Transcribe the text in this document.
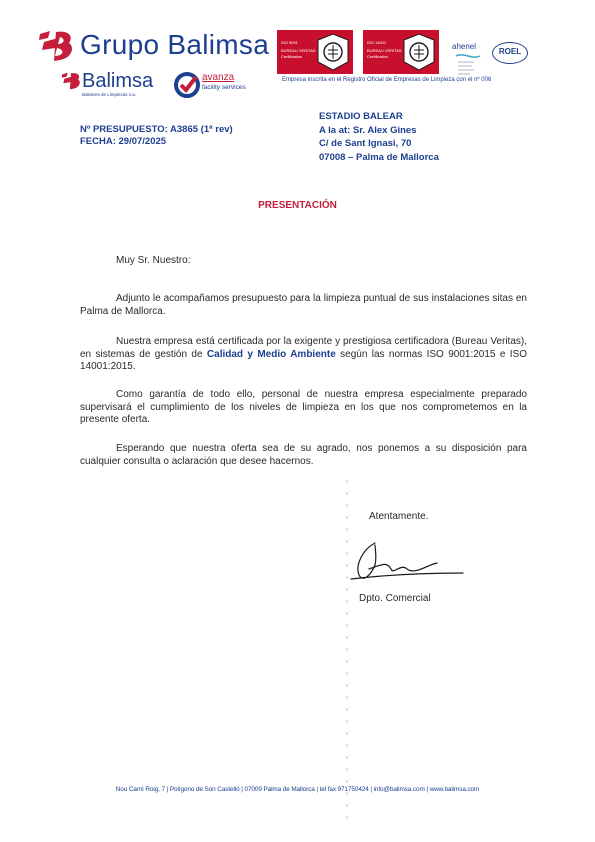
Grupo Balimsa
Balimsa
Baleares de Limpiezas s.a.
avanza
facility services
ISO 9001
BUREAU VERITAS
Certification
ISO 14001
BUREAU VERITAS
Certification
ahenel
ROEL
Empresa inscrita en el Registro Oficial de Empresas de Limpieza con el nº 006
Nº PRESUPUESTO: A3865 (1ª rev)
FECHA: 29/07/2025
ESTADIO BALEAR
A la at: Sr. Alex Gines
C/ de Sant Ignasi, 70
07008 – Palma de Mallorca
PRESENTACIÓN
Muy Sr. Nuestro:

Adjunto le acompañamos presupuesto para la limpieza puntual de sus instalaciones sitas en Palma de Mallorca.

Nuestra empresa está certificada por la exigente y prestigiosa certificadora (Bureau Veritas), en sistemas de gestión de Calidad y Medio Ambiente según las normas ISO 9001:2015 e ISO 14001:2015.

Como garantía de todo ello, personal de nuestra empresa especialmente preparado supervisará el cumplimiento de los niveles de limpieza en los que nos comprometemos en la presente oferta.

Esperando que nuestra oferta sea de su agrado, nos ponemos a su disposición para cualquier consulta o aclaración que desee hacernos.

Atentamente.
Dpto. Comercial
Nou Camí Roig, 7 | Polígono de Son Castelló | 07009 Palma de Mallorca | tel fax 971750424 | info@balimsa.com | www.balimsa.com
